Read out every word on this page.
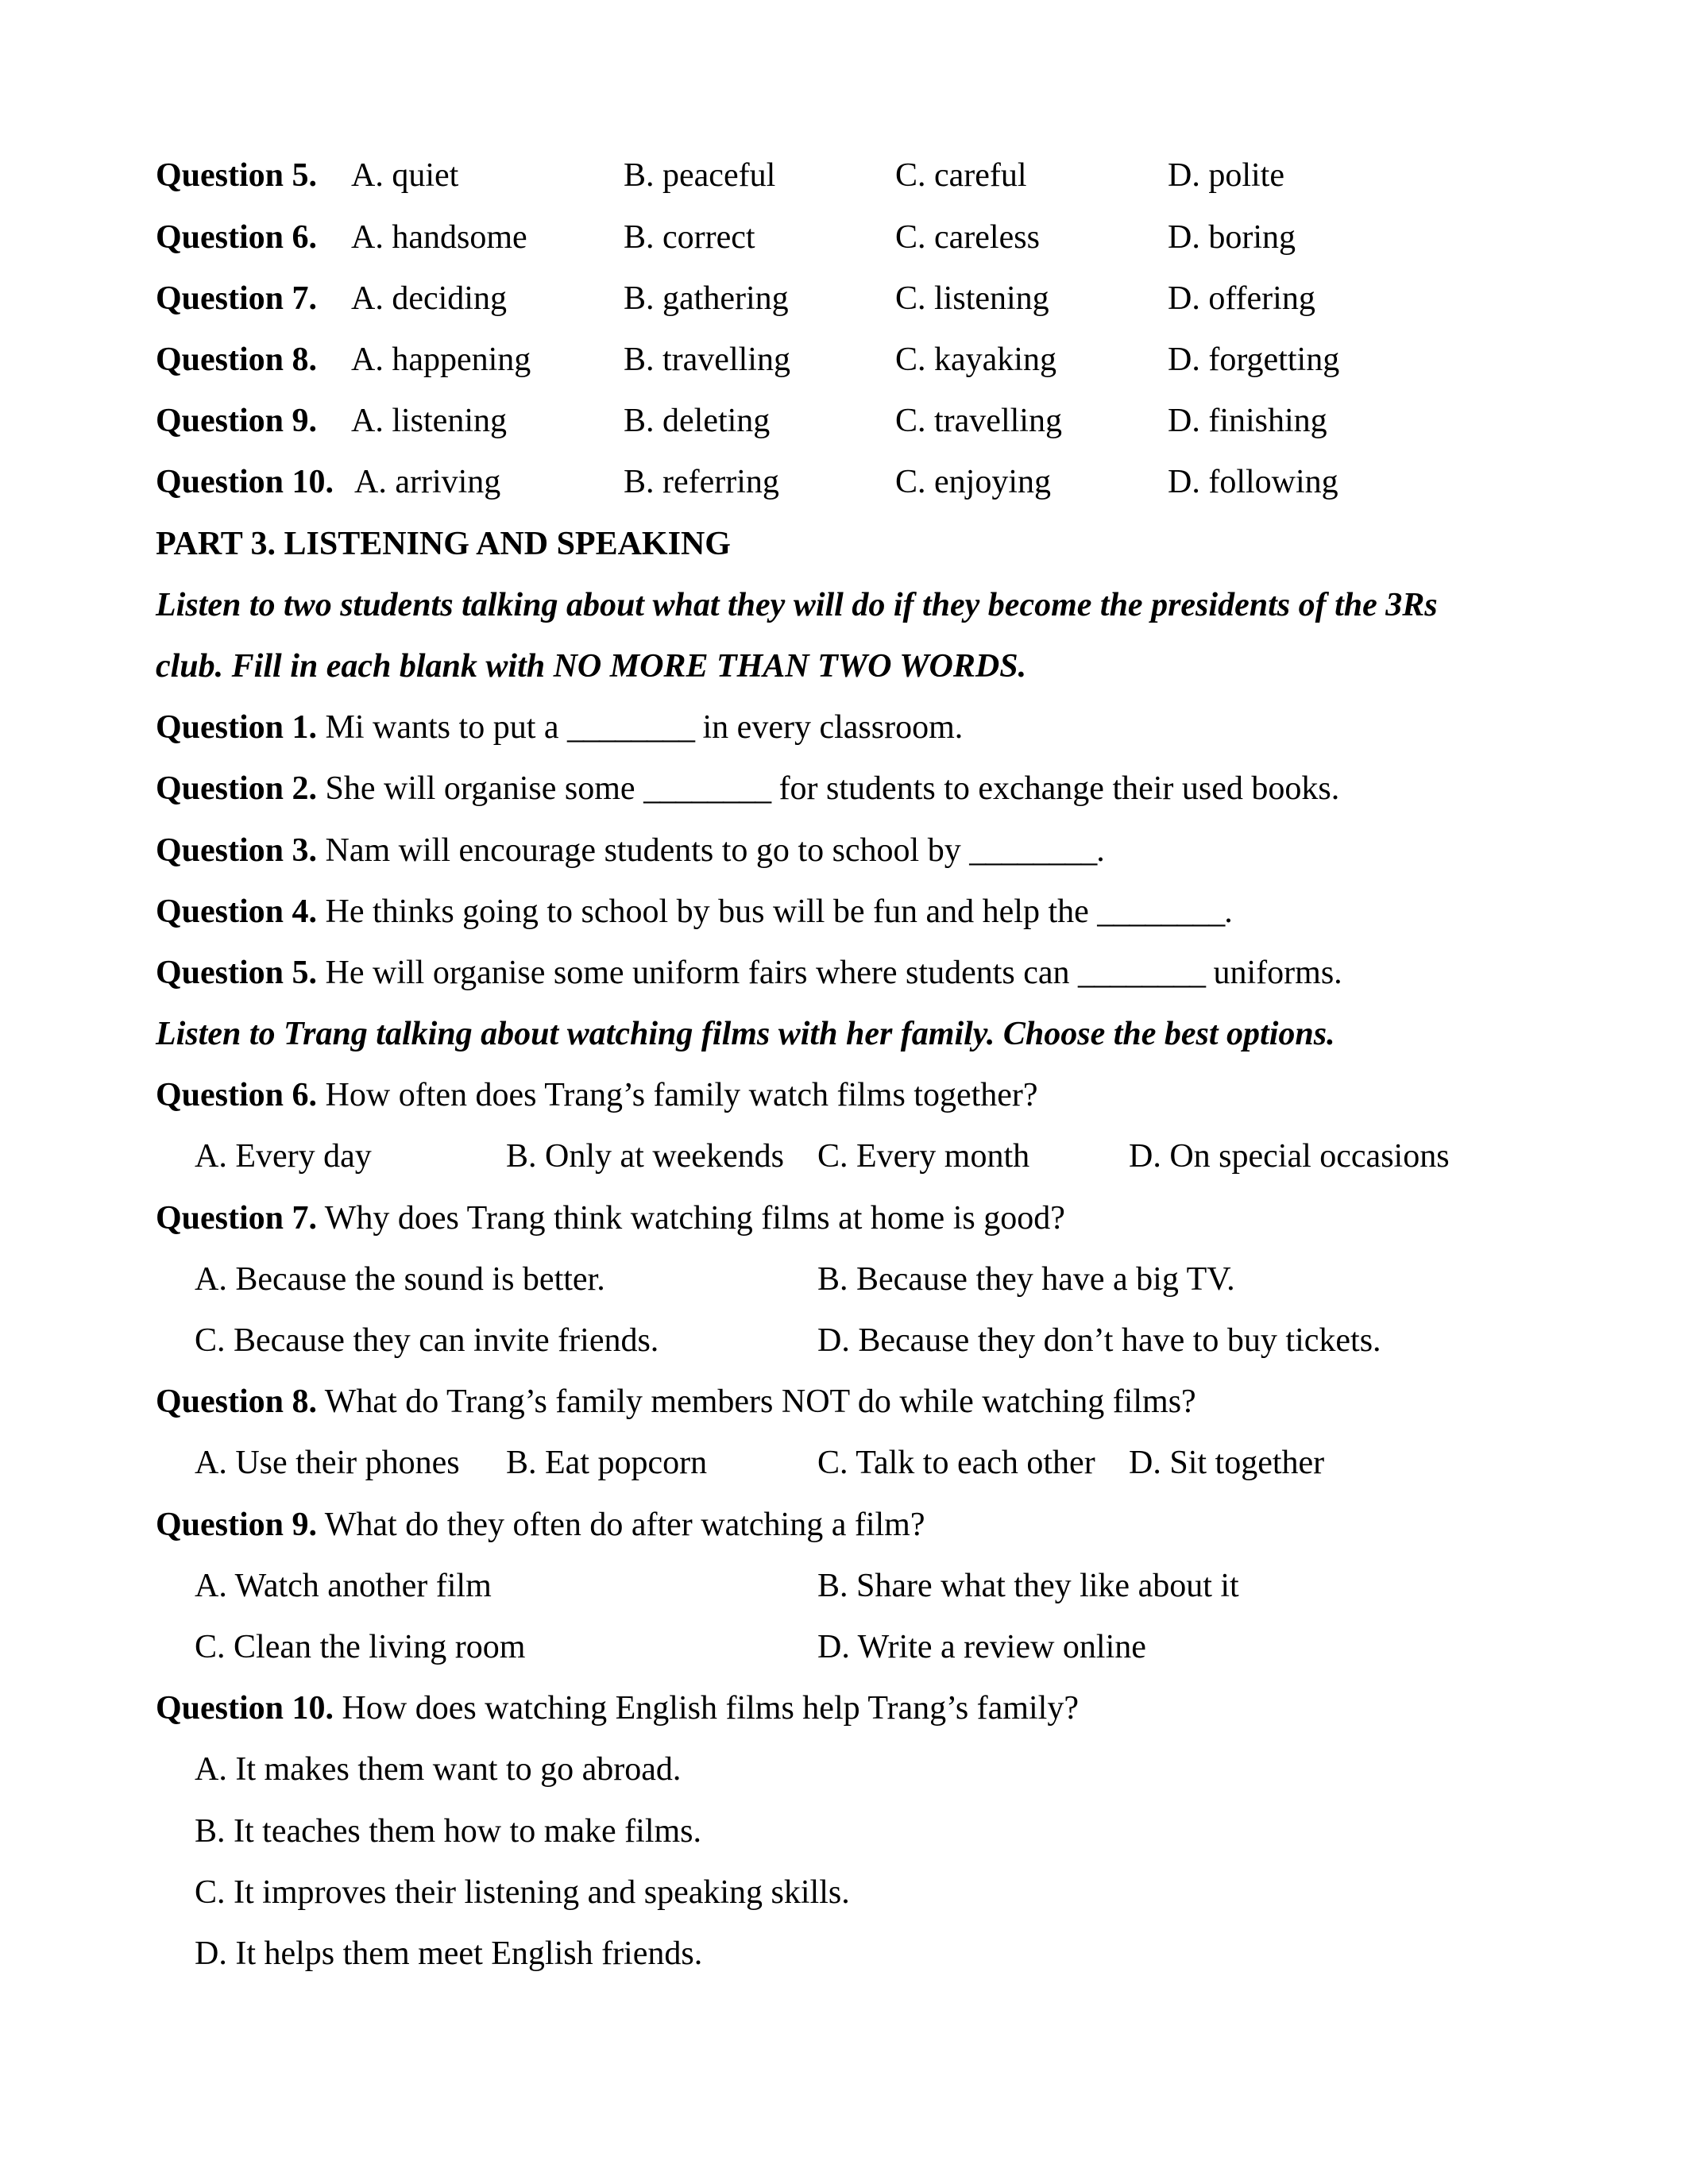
Question 5. A. quiet	B. peaceful	C. careful	D. polite
Question 6. A. handsome	B. correct	C. careless	D. boring
Question 7. A. deciding	B. gathering	C. listening	D. offering
Question 8. A. happening	B. travelling	C. kayaking	D. forgetting
Question 9. A. listening	B. deleting	C. travelling	D. finishing
Question 10. A. arriving	B. referring	C. enjoying	D. following
PART 3. LISTENING AND SPEAKING
Listen to two students talking about what they will do if they become the presidents of the 3Rs
club. Fill in each blank with NO MORE THAN TWO WORDS.
Question 1. Mi wants to put a ________ in every classroom.
Question 2. She will organise some ________ for students to exchange their used books.
Question 3. Nam will encourage students to go to school by ________.
Question 4. He thinks going to school by bus will be fun and help the ________.
Question 5. He will organise some uniform fairs where students can ________ uniforms.
Listen to Trang talking about watching films with her family. Choose the best options.
Question 6. How often does Trang’s family watch films together?
A. Every day	B. Only at weekends C. Every month	D. On special occasions
Question 7. Why does Trang think watching films at home is good?
A. Because the sound is better.	B. Because they have a big TV.
C. Because they can invite friends.	D. Because they don’t have to buy tickets.
Question 8. What do Trang’s family members NOT do while watching films?
A. Use their phones B. Eat popcorn	C. Talk to each other D. Sit together
Question 9. What do they often do after watching a film?
A. Watch another film	B. Share what they like about it
C. Clean the living room	D. Write a review online
Question 10. How does watching English films help Trang’s family?
A. It makes them want to go abroad.
B. It teaches them how to make films.
C. It improves their listening and speaking skills.
D. It helps them meet English friends.
